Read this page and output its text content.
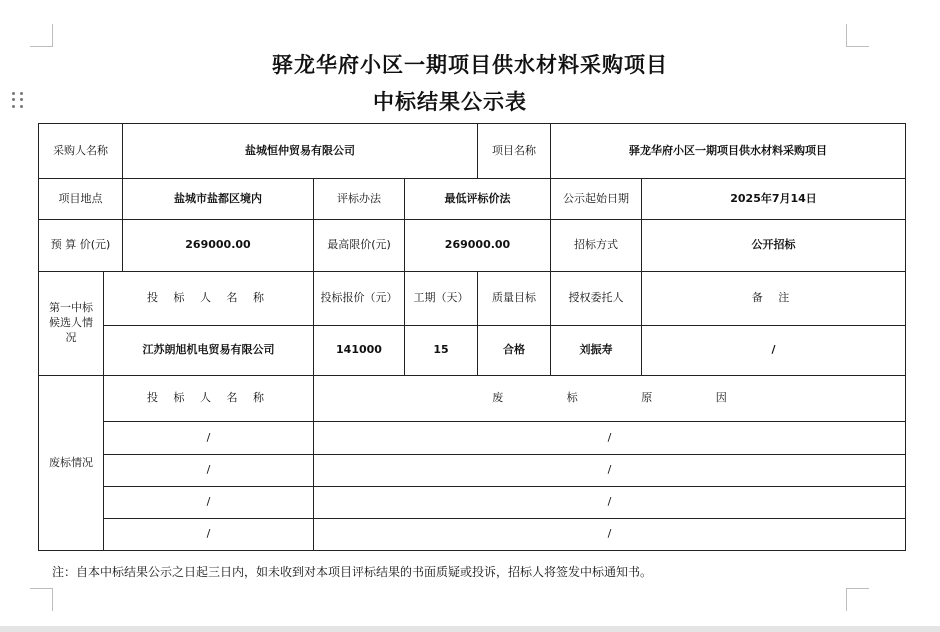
驿龙华府小区一期项目供水材料采购项目
中标结果公示表
采购人名称		盐城恒仲贸易有限公司			项目名称	驿龙华府小区一期项目供水材料采购项目	
项目地点		盐城市盐都区境内	评标办法	最低评标价法		公示起始日期	2025年7月14日
预 算 价(元)		269000.00	最高限价(元)	269000.00		招标方式	公开招标
第一中标候选人情况	投 标 人 名 称		投标报价（元）	工期（天）	质量目标	授权委托人	备 注
	江苏朗旭机电贸易有限公司		141000	15	合格	刘振寿	/
废标情况	投 标 人 名 称		废 标 原 因				
	/		/				
	/		/				
	/		/				
	/		/				
注：自本中标结果公示之日起三日内，如未收到对本项目评标结果的书面质疑或投诉，招标人将签发中标通知书。
